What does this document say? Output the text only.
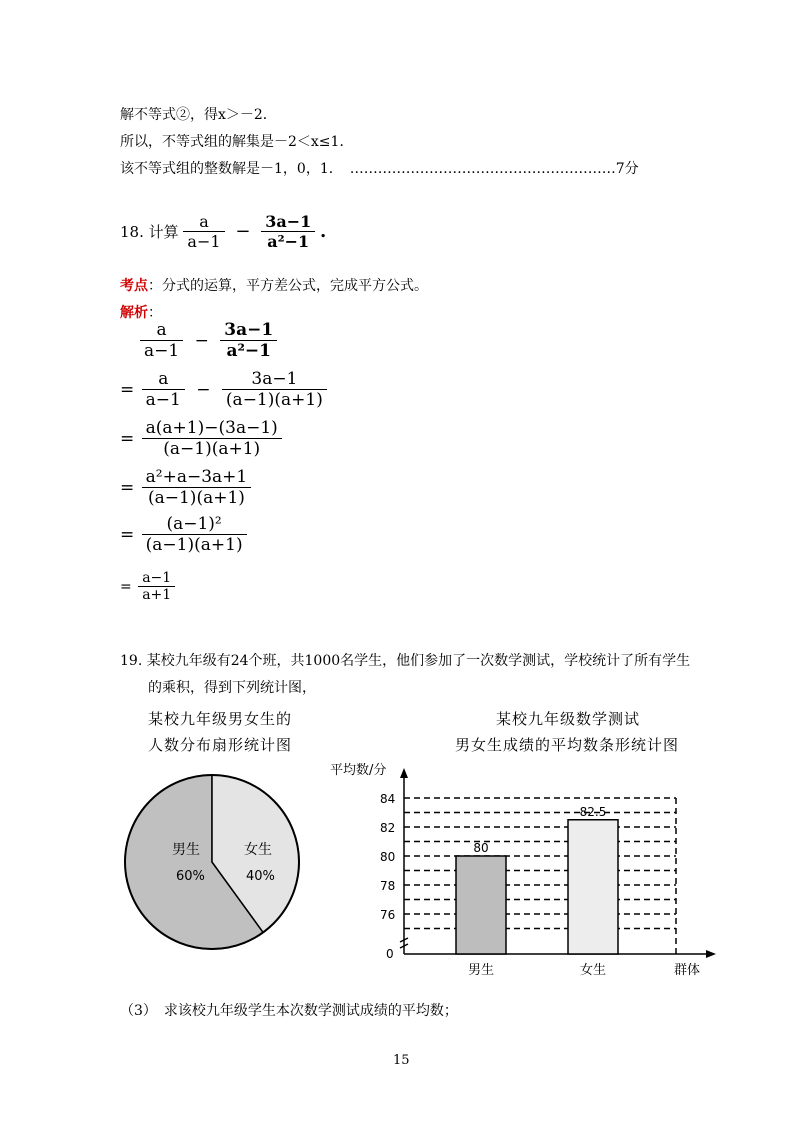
解不等式②，得x＞－2．
所以，不等式组的解集是－2＜x≤1．
该不等式组的整数解是－1，0，1．　…………………………………………………7分
18. 计算 $\frac{a}{a-1} - \frac{3a-1}{\text{a²−1}}$ .
考点：分式的运算，平方差公式，完成平方公式。
解析：
$\frac{a}{a-1} - \frac{3a-1}{\text{a²−1}}$
= $\frac{a}{a-1} - \frac{3a-1}{(a-1)(a+1)}$
= $\frac{a(a+1)-(3a-1)}{(a-1)(a+1)}$
= $\frac{\text{a²+a−3a+1}}{(a-1)(a+1)}$
= $\frac{\text{(a−1)²}}{(a-1)(a+1)}$
= $\frac{a-1}{a+1}$
19. 某校九年级有24个班，共1000名学生，他们参加了一次数学测试，学校统计了所有学生
的乘积，得到下列统计图，
某校九年级男女生的
人数分布扇形统计图
某校九年级数学测试
男女生成绩的平均数条形统计图
男生
60%
女生
40%
84
82
80
78
76
平均数/分
群体
0
80
男生
82.5
女生
（3）　求该校九年级学生本次数学测试成绩的平均数；
15
